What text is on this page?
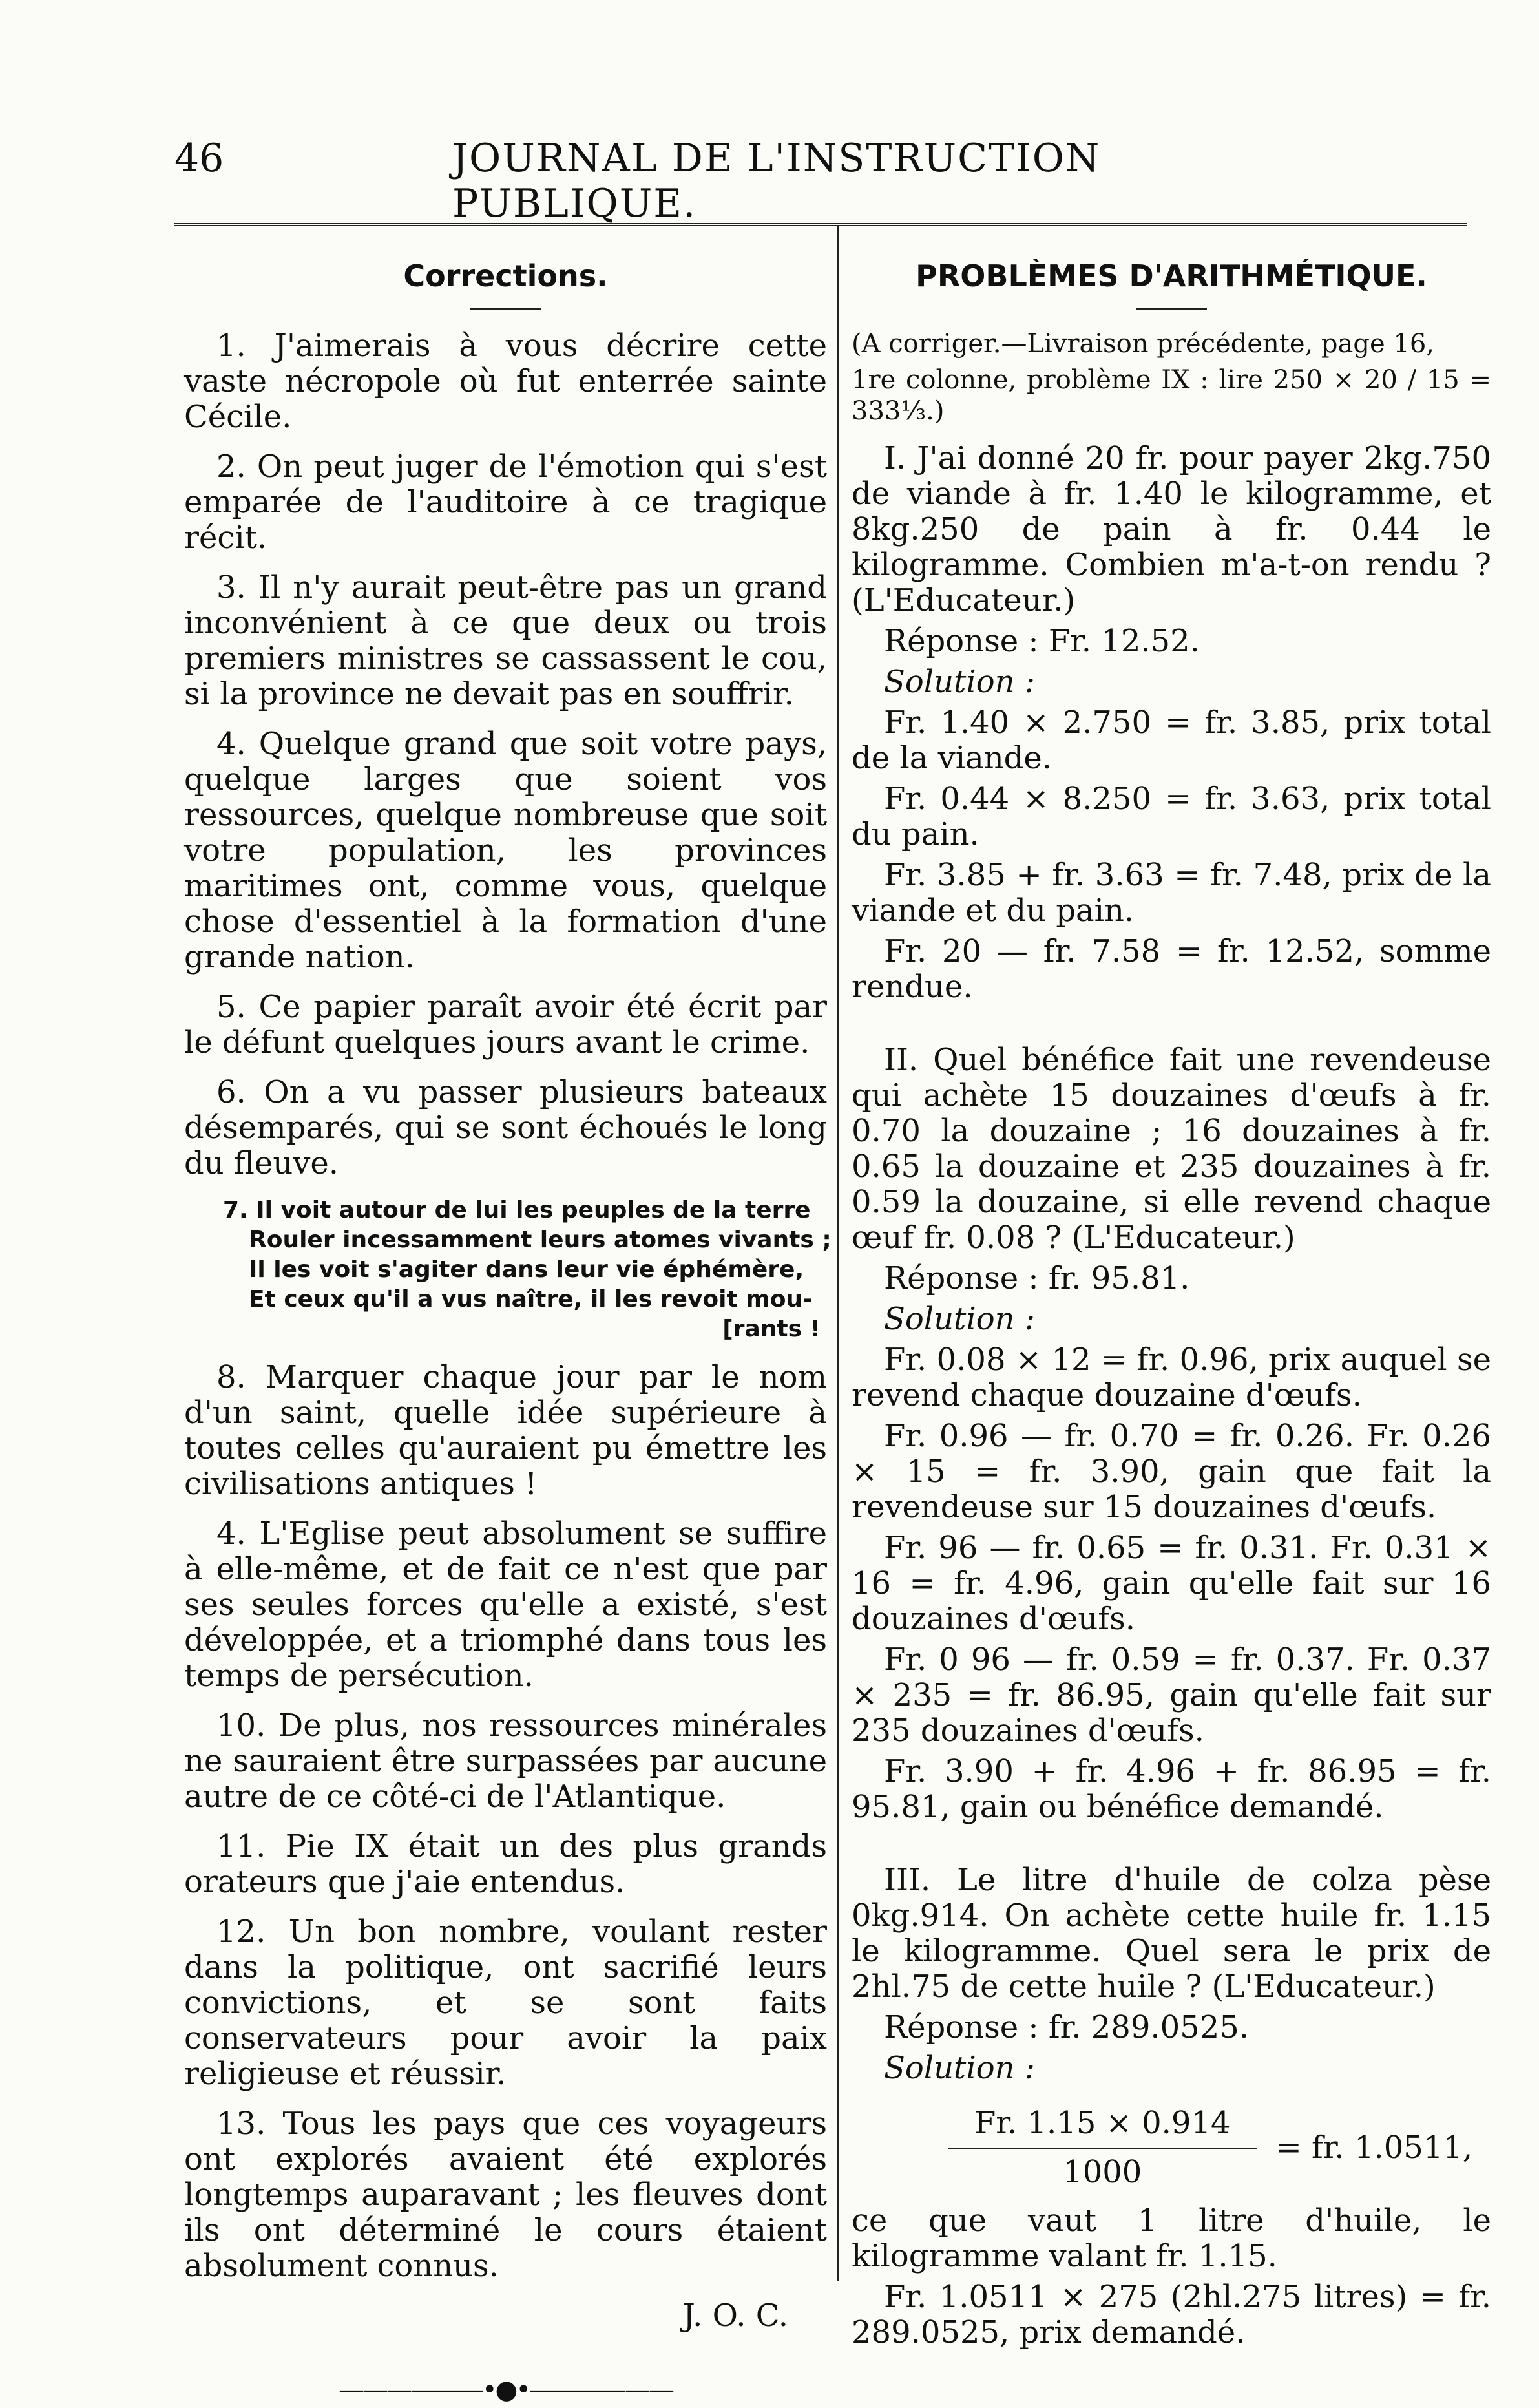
46	JOURNAL DE L'INSTRUCTION PUBLIQUE.
Corrections.

1. J'aimerais à vous décrire cette vaste nécropole où fut enterrée sainte Cécile.

2. On peut juger de l'émotion qui s'est emparée de l'auditoire à ce tragique récit.

3. Il n'y aurait peut-être pas un grand inconvénient à ce que deux ou trois premiers ministres se cassassent le cou, si la province ne devait pas en souffrir.

4. Quelque grand que soit votre pays, quelque larges que soient vos ressources, quelque nombreuse que soit votre population, les provinces maritimes ont, comme vous, quelque chose d'essentiel à la formation d'une grande nation.

5. Ce papier paraît avoir été écrit par le défunt quelques jours avant le crime.

6. On a vu passer plusieurs bateaux désemparés, qui se sont échoués le long du fleuve.

7. Il voit autour de lui les peuples de la terre
Rouler incessamment leurs atomes vivants ;
Il les voit s'agiter dans leur vie éphémère,
Et ceux qu'il a vus naître, il les revoit mou-
[rants !

8. Marquer chaque jour par le nom d'un saint, quelle idée supérieure à toutes celles qu'auraient pu émettre les civilisations antiques !

4. L'Eglise peut absolument se suffire à elle-même, et de fait ce n'est que par ses seules forces qu'elle a existé, s'est développée, et a triomphé dans tous les temps de persécution.

10. De plus, nos ressources minérales ne sauraient être surpassées par aucune autre de ce côté-ci de l'Atlantique.

11. Pie IX était un des plus grands orateurs que j'aie entendus.

12. Un bon nombre, voulant rester dans la politique, ont sacrifié leurs convictions, et se sont faits conservateurs pour avoir la paix religieuse et réussir.

13. Tous les pays que ces voyageurs ont explorés avaient été explorés longtemps auparavant ; les fleuves dont ils ont déterminé le cours étaient absolument connus.

J. O. C.
——————•●•——————
PROBLÈMES D'ARITHMÉTIQUE.

(A corriger.—Livraison précédente, page 16,

1re colonne, problème IX : lire 250 × 20 / 15 = 333⅓.)

I. J'ai donné 20 fr. pour payer 2kg.750 de viande à fr. 1.40 le kilogramme, et 8kg.250 de pain à fr. 0.44 le kilogramme. Combien m'a-t-on rendu ? (L'Educateur.)

Réponse : Fr. 12.52.

Solution :

Fr. 1.40 × 2.750 = fr. 3.85, prix total de la viande.

Fr. 0.44 × 8.250 = fr. 3.63, prix total du pain.

Fr. 3.85 + fr. 3.63 = fr. 7.48, prix de la viande et du pain.

Fr. 20 — fr. 7.58 = fr. 12.52, somme rendue.

II. Quel bénéfice fait une revendeuse qui achète 15 douzaines d'œufs à fr. 0.70 la douzaine ; 16 douzaines à fr. 0.65 la douzaine et 235 douzaines à fr. 0.59 la douzaine, si elle revend chaque œuf fr. 0.08 ? (L'Educateur.)

Réponse : fr. 95.81.

Solution :

Fr. 0.08 × 12 = fr. 0.96, prix auquel se revend chaque douzaine d'œufs.

Fr. 0.96 — fr. 0.70 = fr. 0.26. Fr. 0.26 × 15 = fr. 3.90, gain que fait la revendeuse sur 15 douzaines d'œufs.

Fr. 96 — fr. 0.65 = fr. 0.31. Fr. 0.31 × 16 = fr. 4.96, gain qu'elle fait sur 16 douzaines d'œufs.

Fr. 0 96 — fr. 0.59 = fr. 0.37. Fr. 0.37 × 235 = fr. 86.95, gain qu'elle fait sur 235 douzaines d'œufs.

Fr. 3.90 + fr. 4.96 + fr. 86.95 = fr. 95.81, gain ou bénéfice demandé.

III. Le litre d'huile de colza pèse 0kg.914. On achète cette huile fr. 1.15 le kilogramme. Quel sera le prix de 2hl.75 de cette huile ? (L'Educateur.)

Réponse : fr. 289.0525.

Solution :

$\frac{Fr. 1.15 \times 0.914}{1000}$ = fr. 1.0511,

ce que vaut 1 litre d'huile, le kilogramme valant fr. 1.15.

Fr. 1.0511 × 275 (2hl.275 litres) = fr. 289.0525, prix demandé.
